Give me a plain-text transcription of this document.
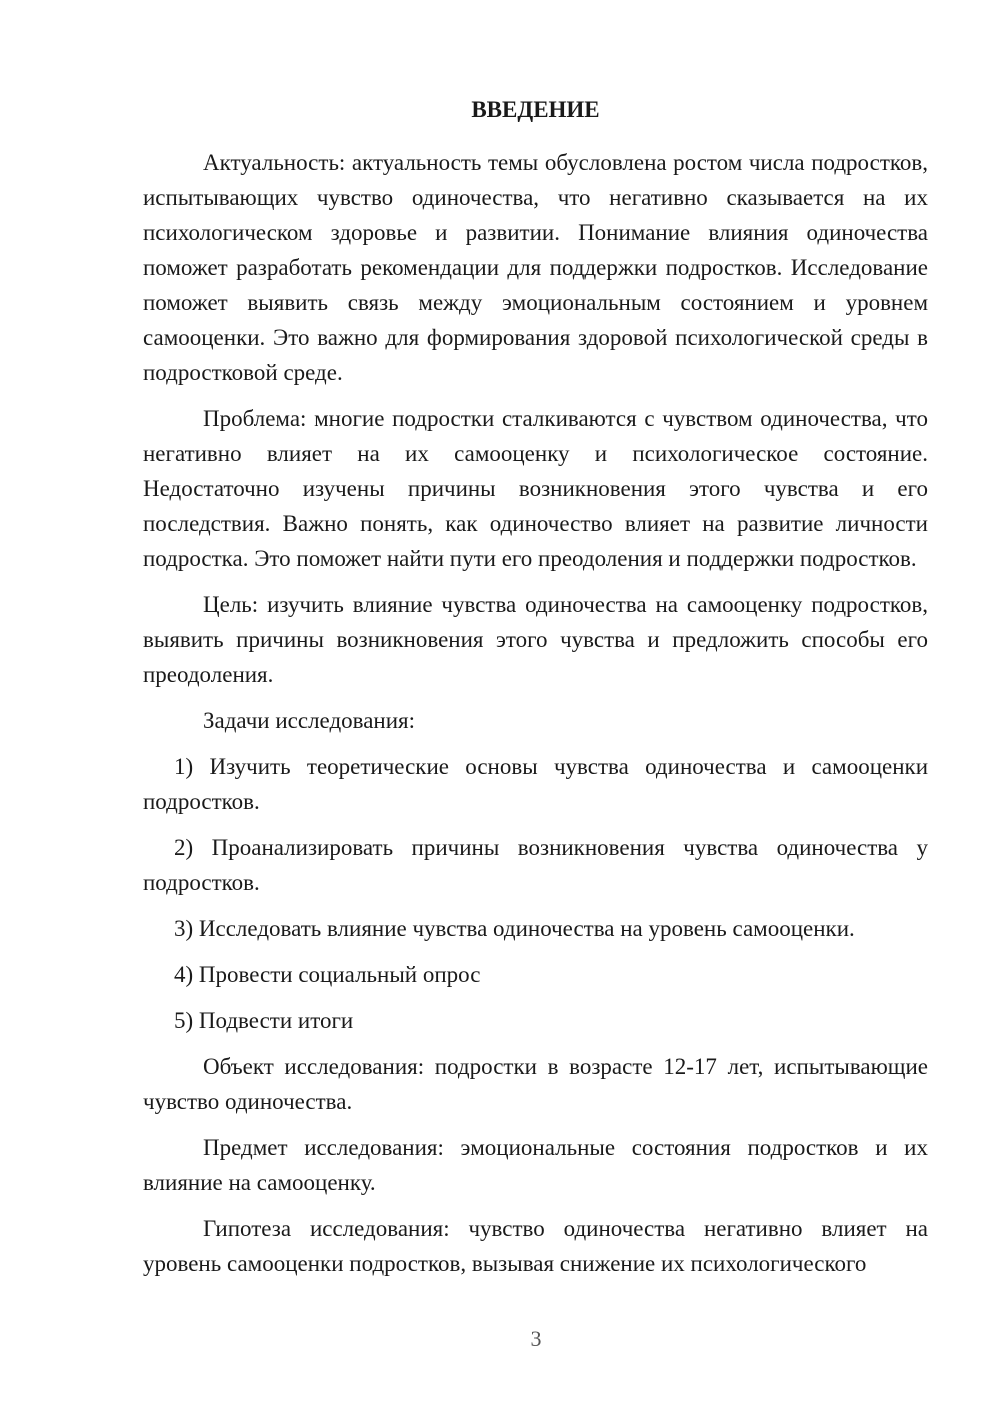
ВВЕДЕНИЕ

Актуальность: актуальность темы обусловлена ростом числа подростков, испытывающих чувство одиночества, что негативно сказывается на их психологическом здоровье и развитии. Понимание влияния одиночества поможет разработать рекомендации для поддержки подростков. Исследование поможет выявить связь между эмоциональным состоянием и уровнем самооценки. Это важно для формирования здоровой психологической среды в подростковой среде.

Проблема: многие подростки сталкиваются с чувством одиночества, что негативно влияет на их самооценку и психологическое состояние. Недостаточно изучены причины возникновения этого чувства и его последствия. Важно понять, как одиночество влияет на развитие личности подростка. Это поможет найти пути его преодоления и поддержки подростков.

Цель: изучить влияние чувства одиночества на самооценку подростков, выявить причины возникновения этого чувства и предложить способы его преодоления.

Задачи исследования:

1) Изучить теоретические основы чувства одиночества и самооценки подростков.

2) Проанализировать причины возникновения чувства одиночества у подростков.

3) Исследовать влияние чувства одиночества на уровень самооценки.

4) Провести социальный опрос

5) Подвести итоги

Объект исследования: подростки в возрасте 12-17 лет, испытывающие чувство одиночества.

Предмет исследования: эмоциональные состояния подростков и их влияние на самооценку.

Гипотеза исследования: чувство одиночества негативно влияет на уровень самооценки подростков, вызывая снижение их психологического

3
